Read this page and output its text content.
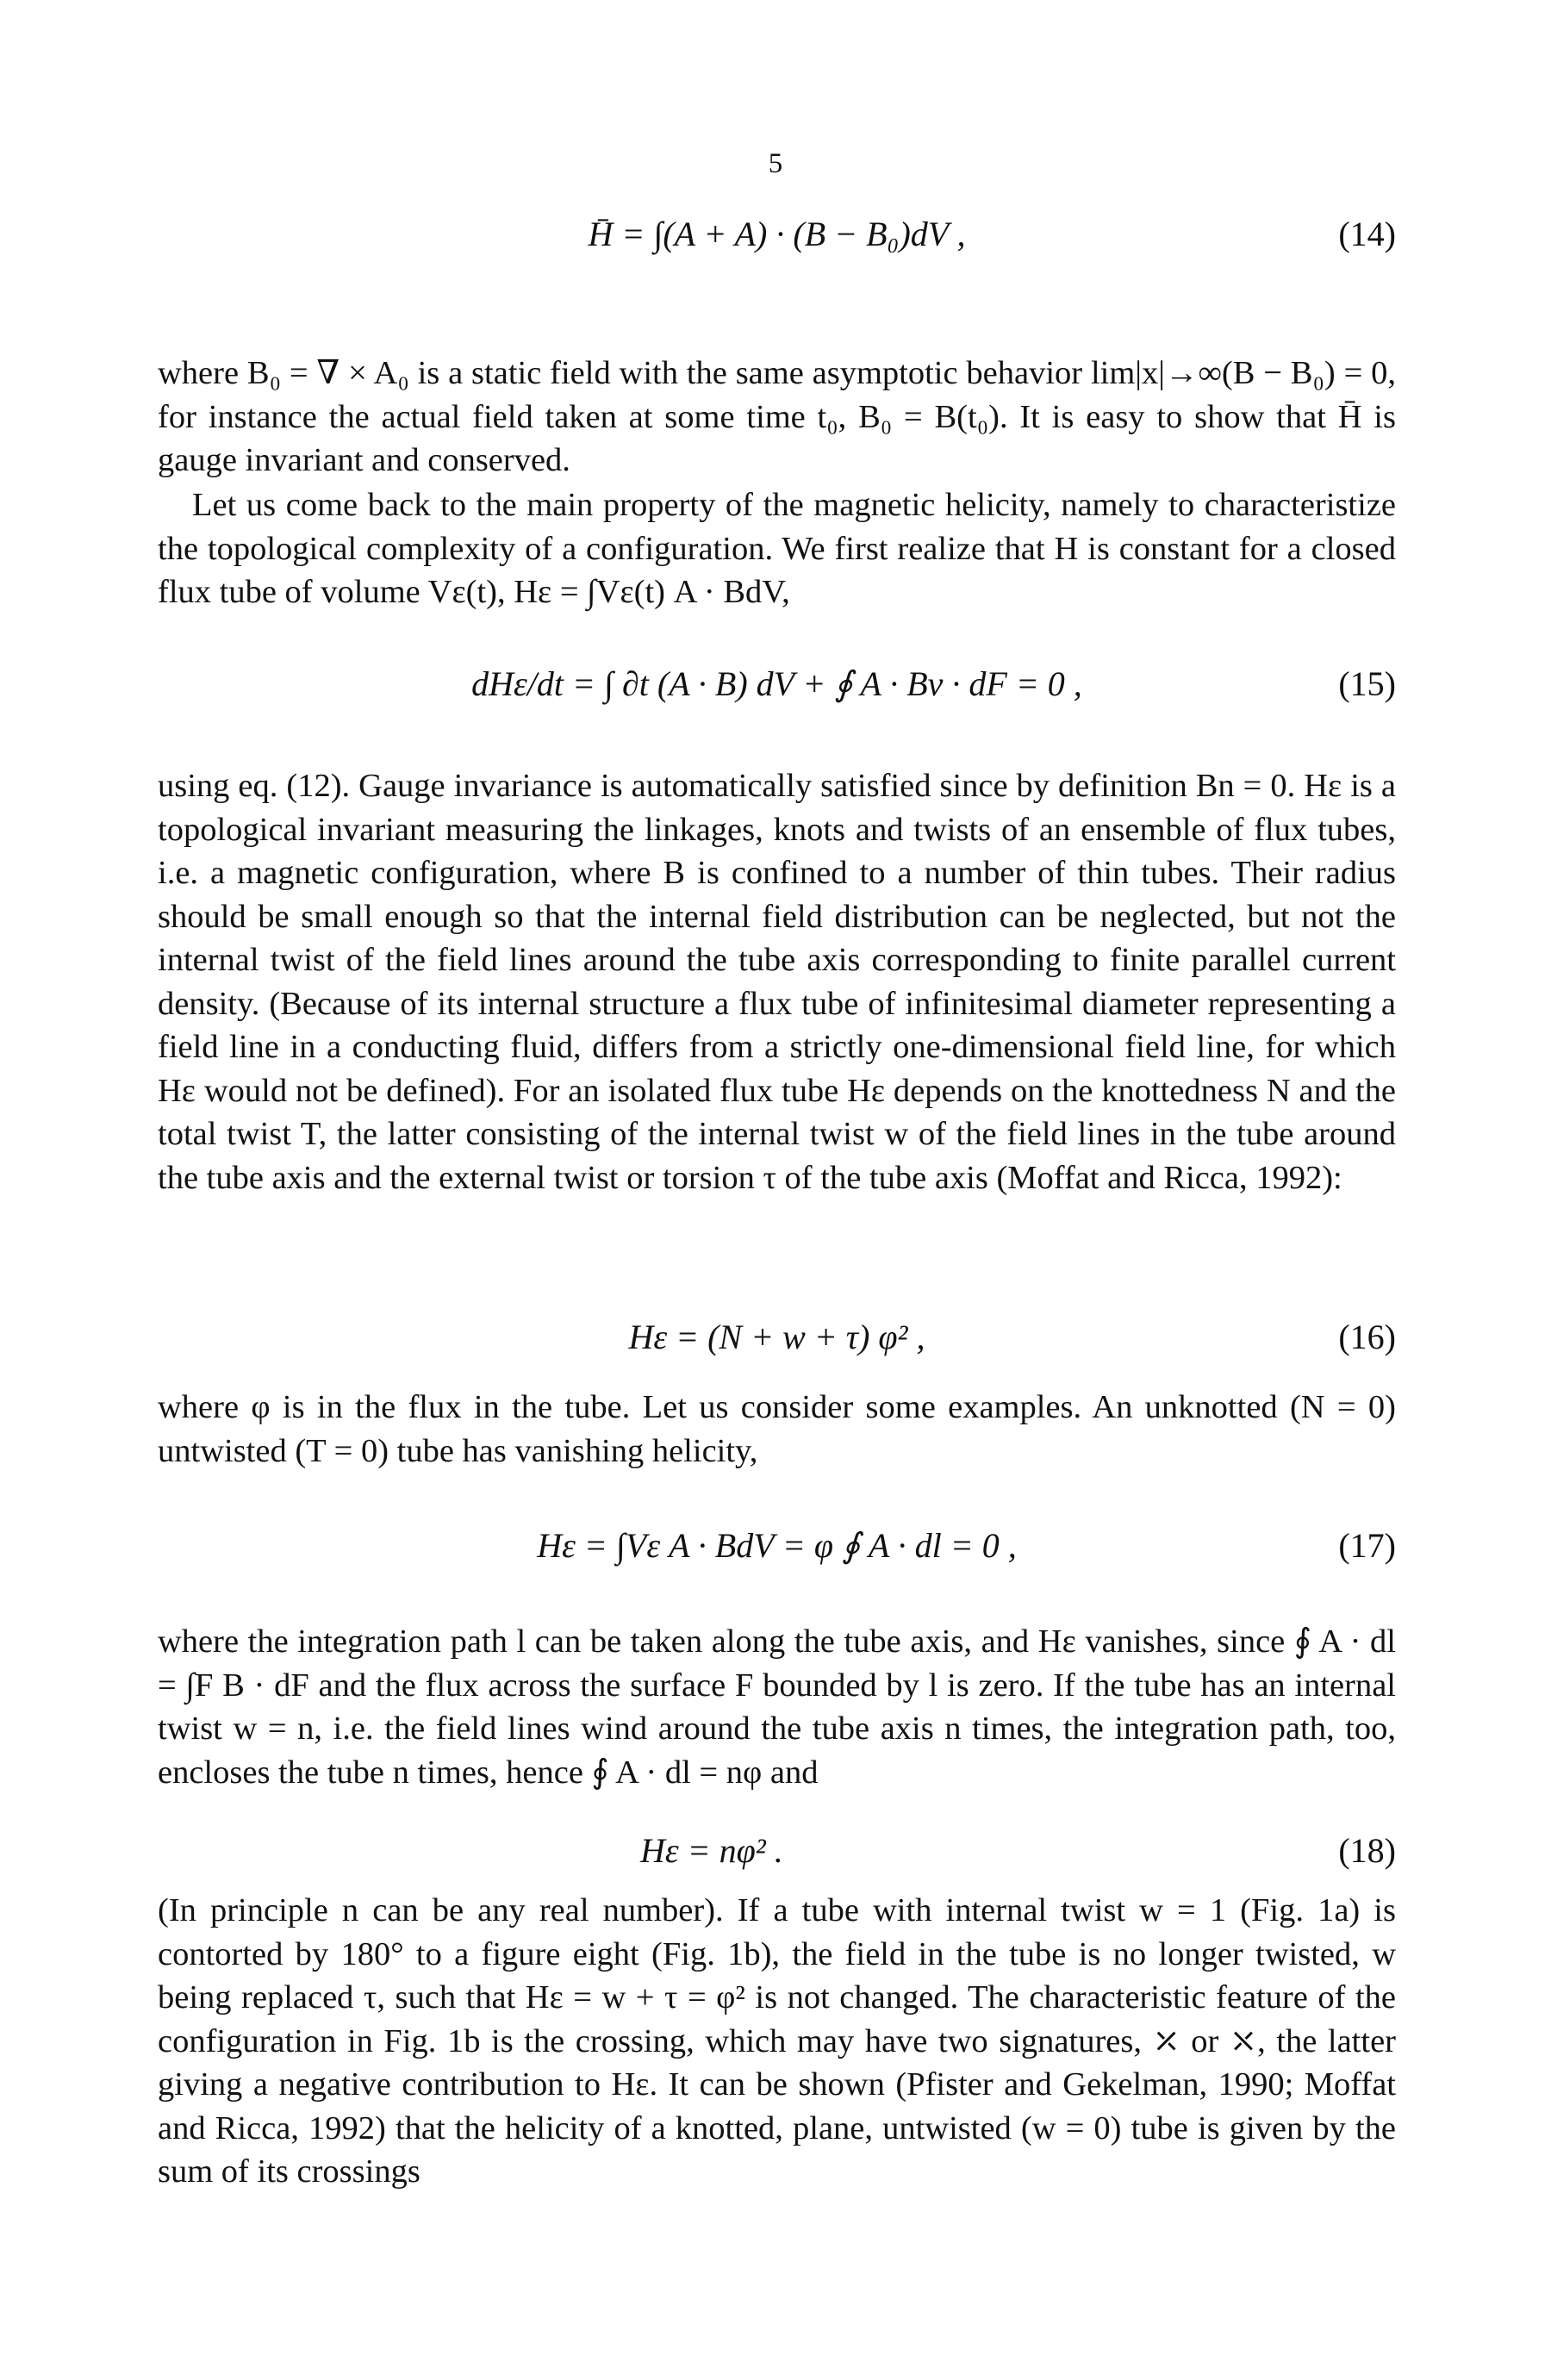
5
H̄ = ∫(A + A) · (B − B₀)dV ,	(14)

where B₀ = ∇ × A₀ is a static field with the same asymptotic behavior lim|x|→∞(B − B₀) = 0, for instance the actual field taken at some time t₀, B₀ = B(t₀). It is easy to show that H̄ is gauge invariant and conserved.

Let us come back to the main property of the magnetic helicity, namely to characteristize the topological complexity of a configuration. We first realize that H is constant for a closed flux tube of volume Vε(t), Hε = ∫Vε(t) A · BdV,

dHε/dt = ∫ ∂t (A · B) dV + ∮ A · Bv · dF = 0 ,	(15)

using eq. (12). Gauge invariance is automatically satisfied since by definition Bn = 0. Hε is a topological invariant measuring the linkages, knots and twists of an ensemble of flux tubes, i.e. a magnetic configuration, where B is confined to a number of thin tubes. Their radius should be small enough so that the internal field distribution can be neglected, but not the internal twist of the field lines around the tube axis corresponding to finite parallel current density. (Because of its internal structure a flux tube of infinitesimal diameter representing a field line in a conducting fluid, differs from a strictly one-dimensional field line, for which Hε would not be defined). For an isolated flux tube Hε depends on the knottedness N and the total twist T, the latter consisting of the internal twist w of the field lines in the tube around the tube axis and the external twist or torsion τ of the tube axis (Moffat and Ricca, 1992):

Hε = (N + w + τ) φ² ,	(16)

where φ is in the flux in the tube. Let us consider some examples. An unknotted (N = 0) untwisted (T = 0) tube has vanishing helicity,

Hε = ∫Vε A · BdV = φ ∮ A · dl = 0 ,	(17)

where the integration path l can be taken along the tube axis, and Hε vanishes, since ∮ A · dl = ∫F B · dF and the flux across the surface F bounded by l is zero. If the tube has an internal twist w = n, i.e. the field lines wind around the tube axis n times, the integration path, too, encloses the tube n times, hence ∮ A · dl = nφ and

Hε = nφ² .	(18)

(In principle n can be any real number). If a tube with internal twist w = 1 (Fig. 1a) is contorted by 180° to a figure eight (Fig. 1b), the field in the tube is no longer twisted, w being replaced τ, such that Hε = w + τ = φ² is not changed. The characteristic feature of the configuration in Fig. 1b is the crossing, which may have two signatures, ⤫ or ⤬, the latter giving a negative contribution to Hε. It can be shown (Pfister and Gekelman, 1990; Moffat and Ricca, 1992) that the helicity of a knotted, plane, untwisted (w = 0) tube is given by the sum of its crossings
